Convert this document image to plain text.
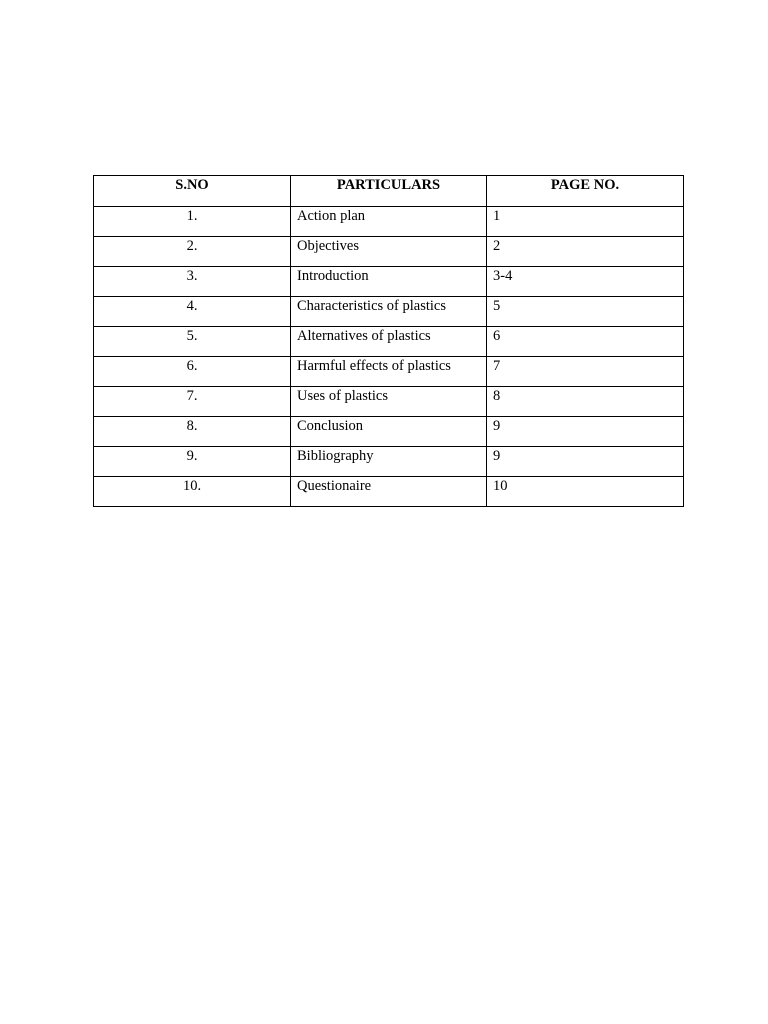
S.NO	PARTICULARS	PAGE NO.
1.	Action plan	1
2.	Objectives	2
3.	Introduction	3-4
4.	Characteristics of plastics	5
5.	Alternatives of plastics	6
6.	Harmful effects of plastics	7
7.	Uses of plastics	8
8.	Conclusion	9
9.	Bibliography	9
10.	Questionaire	10
